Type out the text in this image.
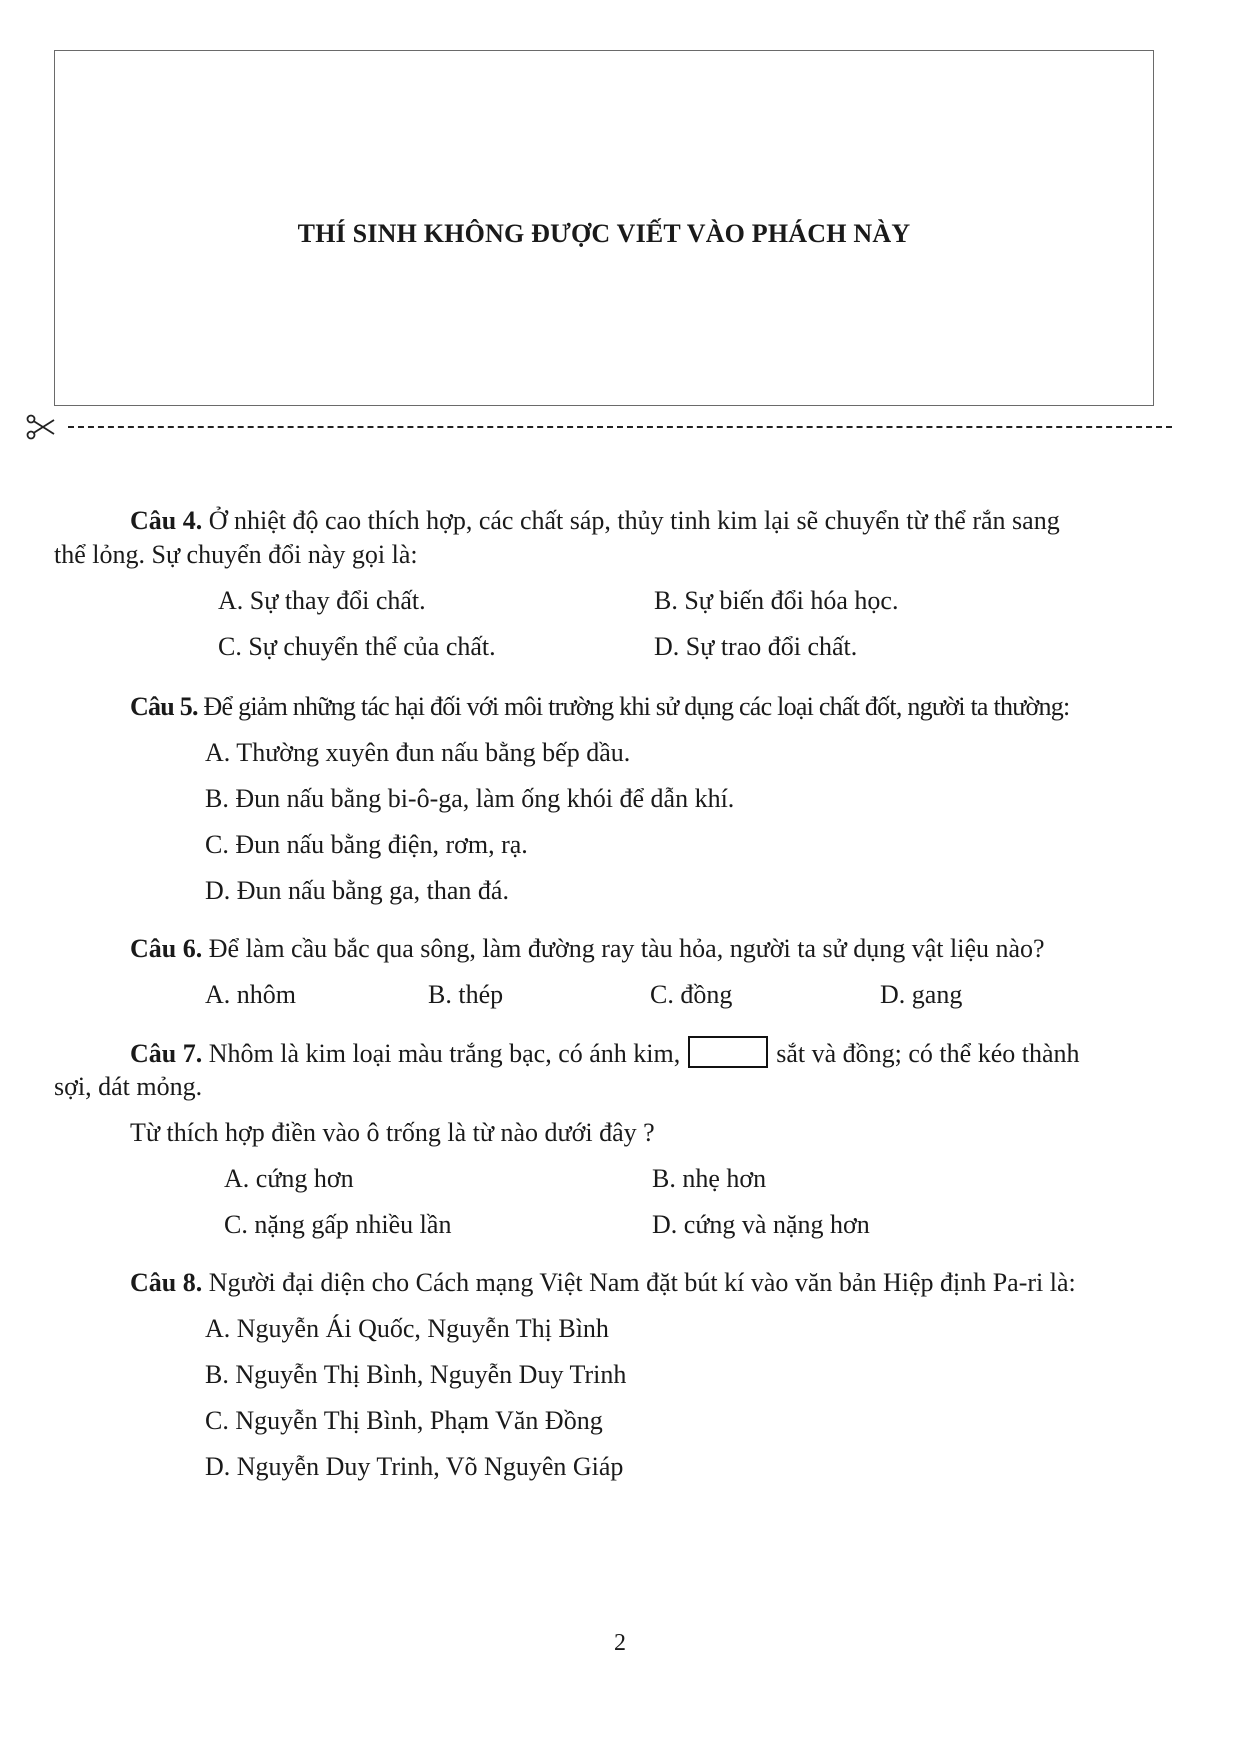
THÍ SINH KHÔNG ĐƯỢC VIẾT VÀO PHÁCH NÀY
Câu 4. Ở nhiệt độ cao thích hợp, các chất sáp, thủy tinh kim lại sẽ chuyển từ thể rắn sang
thể lỏng. Sự chuyển đổi này gọi là:
A. Sự thay đổi chất.	B. Sự biến đổi hóa học.
C. Sự chuyển thể của chất.	D. Sự trao đổi chất.
Câu 5. Để giảm những tác hại đối với môi trường khi sử dụng các loại chất đốt, người ta thường:
A. Thường xuyên đun nấu bằng bếp dầu.
B. Đun nấu bằng bi-ô-ga, làm ống khói để dẫn khí.
C. Đun nấu bằng điện, rơm, rạ.
D. Đun nấu bằng ga, than đá.
Câu 6. Để làm cầu bắc qua sông, làm đường ray tàu hỏa, người ta sử dụng vật liệu nào?
A. nhôm	B. thép	C. đồng	D. gang
Câu 7. Nhôm là kim loại màu trắng bạc, có ánh kim,	sắt và đồng; có thể kéo thành
sợi, dát mỏng.
Từ thích hợp điền vào ô trống là từ nào dưới đây ?
A. cứng hơn	B. nhẹ hơn
C. nặng gấp nhiều lần	D. cứng và nặng hơn
Câu 8. Người đại diện cho Cách mạng Việt Nam đặt bút kí vào văn bản Hiệp định Pa-ri là:
A. Nguyễn Ái Quốc, Nguyễn Thị Bình
B. Nguyễn Thị Bình, Nguyễn Duy Trinh
C. Nguyễn Thị Bình, Phạm Văn Đồng
D. Nguyễn Duy Trinh, Võ Nguyên Giáp
2
